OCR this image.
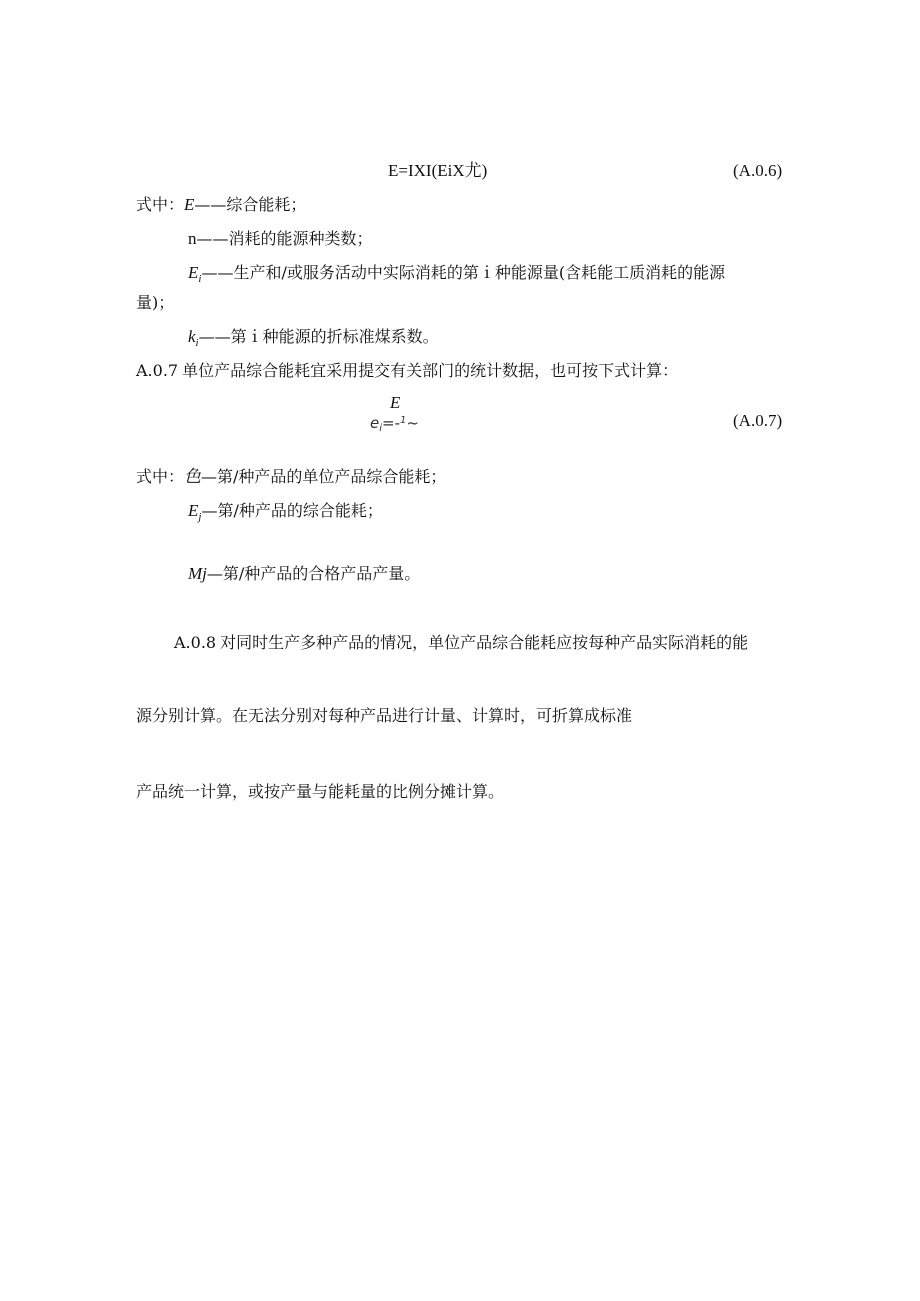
E=IXI(EiX尤)	(A.0.6)
式中：E——综合能耗；
n——消耗的能源种类数；
$E_i——$生产和/或服务活动中实际消耗的第ｉ种能源量(含耗能工质消耗的能源
量)；
$k_i——$第ｉ种能源的折标准煤系数。
A.0.7 单位产品综合能耗宜采用提交有关部门的统计数据，也可按下式计算：
E
$e_i=-^1\sim$	(A.0.7)
式中：色—第/种产品的单位产品综合能耗；
$E_j—$第/种产品的综合能耗；
Mj—第/种产品的合格产品产量。
A.0.8 对同时生产多种产品的情况，单位产品综合能耗应按每种产品实际消耗的能
源分别计算。在无法分别对每种产品进行计量、计算时，可折算成标准
产品统一计算，或按产量与能耗量的比例分摊计算。
